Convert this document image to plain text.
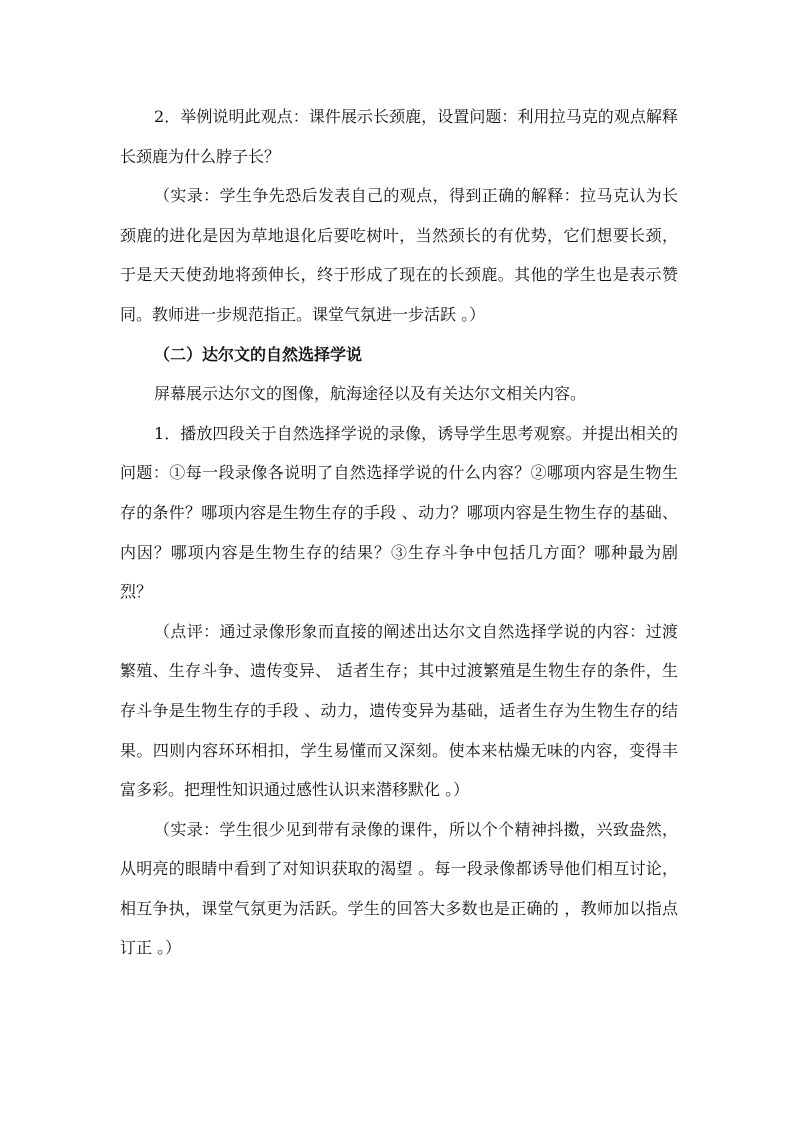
2．举例说明此观点：课件展示长颈鹿，设置问题：利用拉马克的观点解释长颈鹿为什么脖子长？

（实录：学生争先恐后发表自己的观点，得到正确的解释：拉马克认为长颈鹿的进化是因为草地退化后要吃树叶，当然颈长的有优势，它们想要长颈，于是天天使劲地将颈伸长，终于形成了现在的长颈鹿。其他的学生也是表示赞同。教师进一步规范指正。课堂气氛进一步活跃 。）

（二）达尔文的自然选择学说

屏幕展示达尔文的图像，航海途径以及有关达尔文相关内容。

1．播放四段关于自然选择学说的录像，诱导学生思考观察。并提出相关的问题：①每一段录像各说明了自然选择学说的什么内容？②哪项内容是生物生存的条件？哪项内容是生物生存的手段 、动力？哪项内容是生物生存的基础、内因？哪项内容是生物生存的结果？③生存斗争中包括几方面？哪种最为剧烈？

（点评：通过录像形象而直接的阐述出达尔文自然选择学说的内容：过渡繁殖、生存斗争、遗传变异、 适者生存；其中过渡繁殖是生物生存的条件，生存斗争是生物生存的手段 、动力，遗传变异为基础，适者生存为生物生存的结果。四则内容环环相扣，学生易懂而又深刻。使本来枯燥无味的内容，变得丰富多彩。把理性知识通过感性认识来潜移默化 。）

（实录：学生很少见到带有录像的课件，所以个个精神抖擞，兴致盎然，从明亮的眼睛中看到了对知识获取的渴望 。每一段录像都诱导他们相互讨论，相互争执，课堂气氛更为活跃。学生的回答大多数也是正确的 ，教师加以指点订正 。）
